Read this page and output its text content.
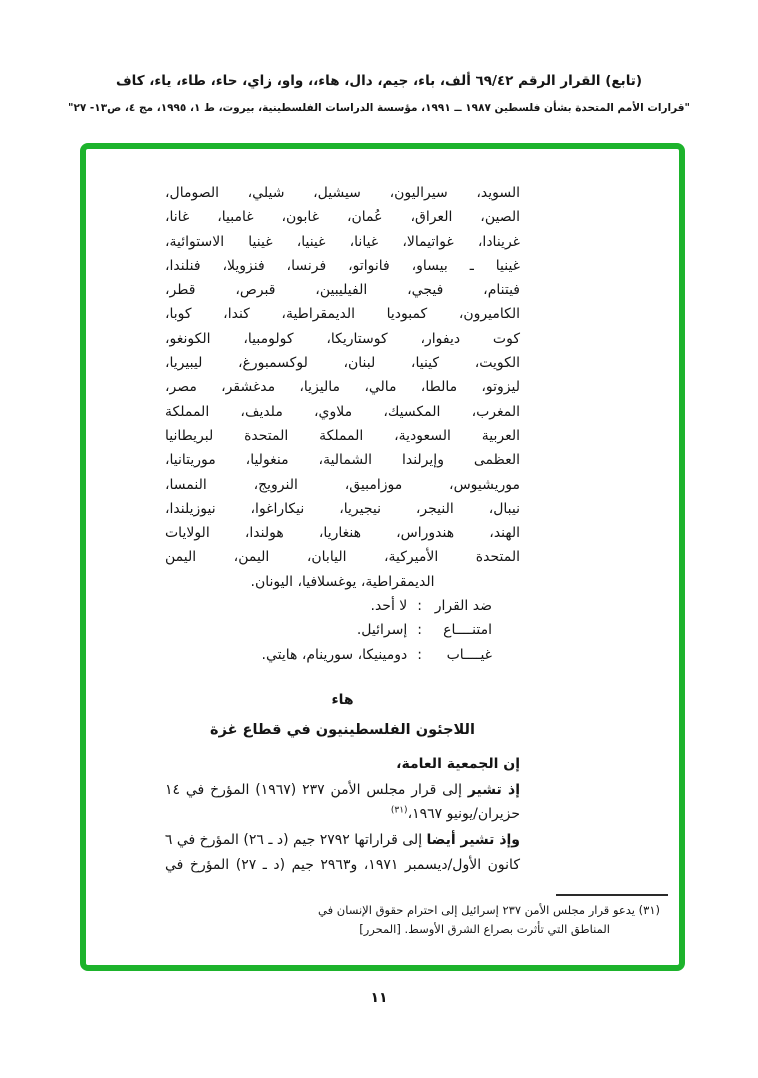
(تابع) القرار الرقم ٦٩/٤٢ ألف، باء، جيم، دال، هاء،، واو، زاي، حاء، طاء، ياء، كاف
"قرارات الأمم المتحدة بشأن فلسطين ١٩٨٧ ــ ١٩٩١، مؤسسة الدراسات الفلسطينية، بيروت، ط ١، ١٩٩٥، مج ٤، ص١٣- ٢٧"
السويد، سيراليون، سيشيل، شيلي، الصومال،
الصين، العراق، عُمان، غابون، غامبيا، غانا،
غرينادا، غواتيمالا، غيانا، غينيا، غينيا الاستوائية،
غينيا ـ بيساو، فانواتو، فرنسا، فنزويلا، فنلندا،
فيتنام، فيجي، الفيليبين، قبرص، قطر،
الكاميرون، كمبوديا الديمقراطية، كندا، كوبا،
كوت ديفوار، كوستاريكا، كولومبيا، الكونغو،
الكويت، كينيا، لبنان، لوكسمبورغ، ليبيريا،
ليزوتو، مالطا، مالي، ماليزيا، مدغشقر، مصر،
المغرب، المكسيك، ملاوي، ملديف، المملكة
العربية السعودية، المملكة المتحدة لبريطانيا
العظمى وإيرلندا الشمالية، منغوليا، موريتانيا،
موريشيوس، موزامبيق، النرويج، النمسا،
نيبال، النيجر، نيجيريا، نيكاراغوا، نيوزيلندا،
الهند، هندوراس، هنغاريا، هولندا، الولايات
المتحدة الأميركية، اليابان، اليمن، اليمن
الديمقراطية، يوغسلافيا، اليونان.
ضد القرار
:
لا أحد.
امتنــــاع
:
إسرائيل.
غيــــاب
:
دومينيكا، سورينام، هايتي.
هاء
اللاجئون الفلسطينيون في قطاع غزة
إن الجمعية العامة،
إذ تشير إلى قرار مجلس الأمن ٢٣٧ (١٩٦٧) المؤرخ في ١٤
حزيران/يونيو ١٩٦٧،$^{(٣١)}$
وإذ تشير أيضا إلى قراراتها ٢٧٩٢ جيم (د ـ ٢٦) المؤرخ في ٦
كانون الأول/ديسمبر ١٩٧١، و٢٩٦٣ جيم (د ـ ٢٧) المؤرخ في
(٣١) يدعو قرار مجلس الأمن ٢٣٧ إسرائيل إلى احترام حقوق الإنسان في
المناطق التي تأثرت بصراع الشرق الأوسط. [المحرر]
١١
